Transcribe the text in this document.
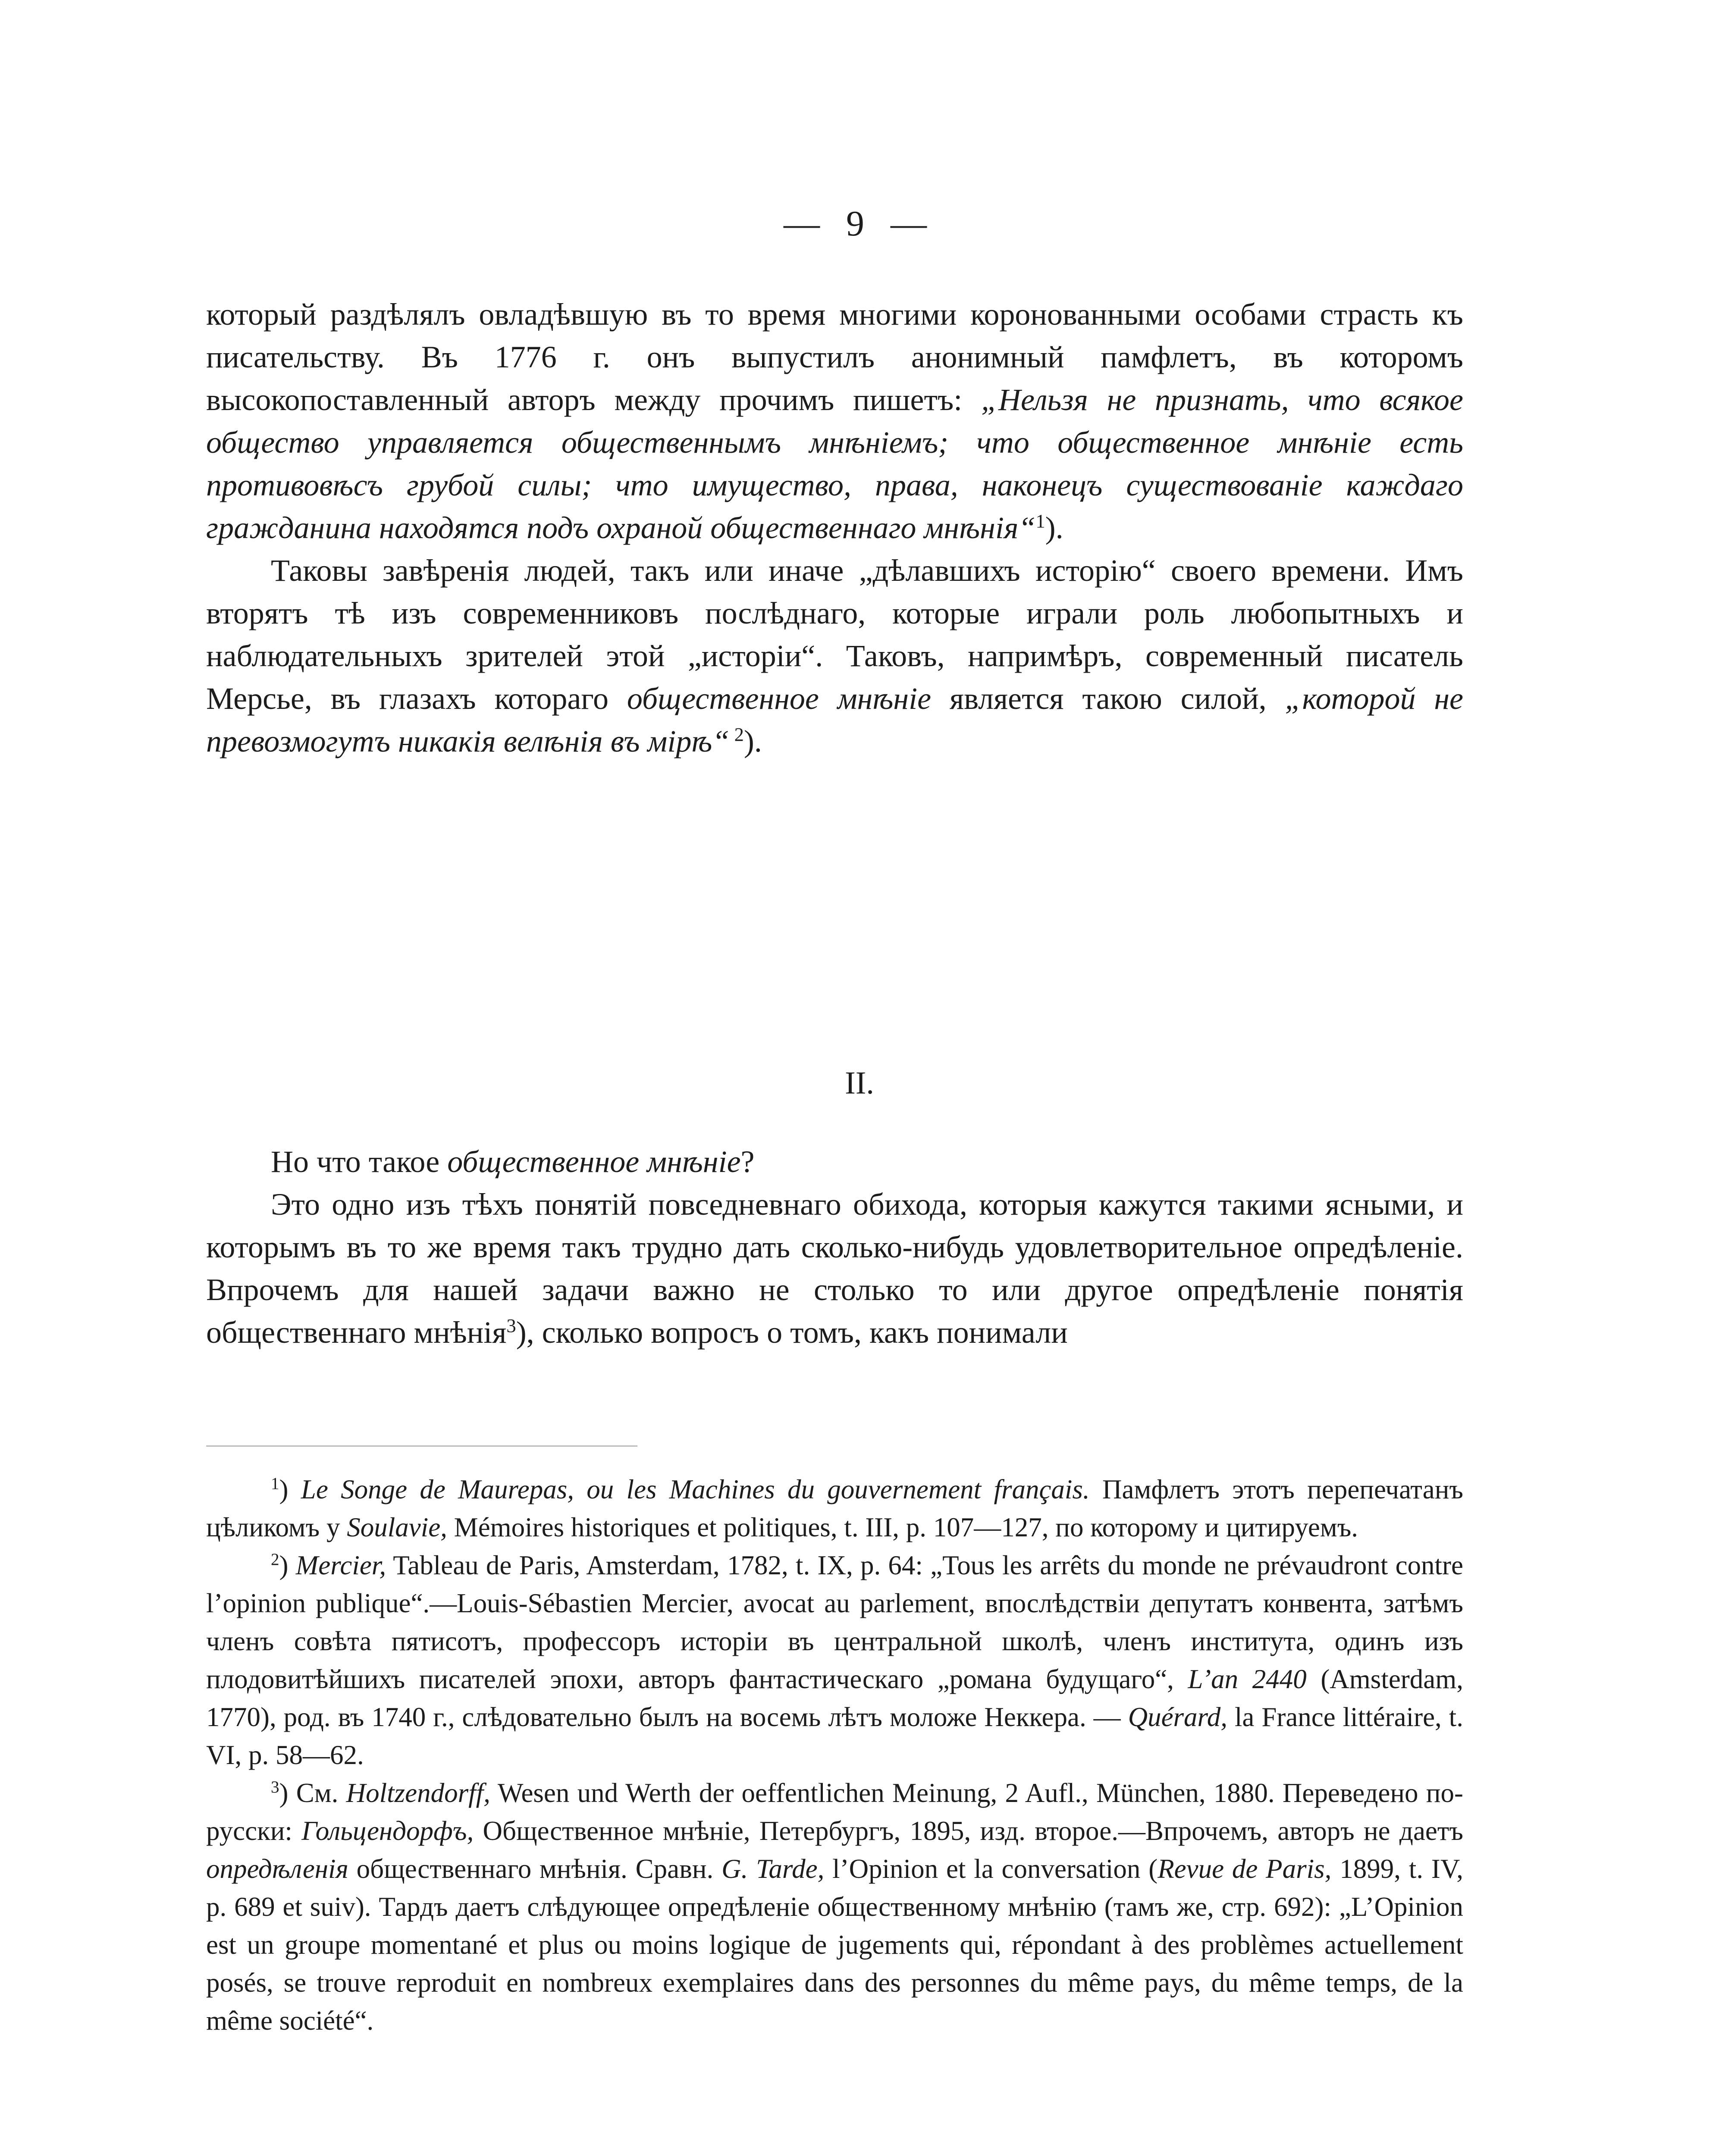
— 9 —

который раздѣлялъ овладѣвшую въ то время многими коронованными особами страсть къ писательству. Въ 1776 г. онъ выпустилъ анонимный памфлетъ, въ которомъ высокопоставленный авторъ между прочимъ пишетъ: „Нельзя не признать, что всякое общество управляется общественнымъ мнѣніемъ; что общественное мнѣніе есть противовѣсъ грубой силы; что имущество, права, наконецъ существованіе каждаго гражданина находятся подъ охраной общественнаго мнѣнія“$^1$).

Таковы завѣренія людей, такъ или иначе „дѣлавшихъ исторію“ своего времени. Имъ вторятъ тѣ изъ современниковъ послѣднаго, которые играли роль любопытныхъ и наблюдательныхъ зрителей этой „исторіи“. Таковъ, напримѣръ, современный писатель Мерсье, въ глазахъ котораго общественное мнѣніе является такою силой, „которой не превозмогутъ никакія велѣнія въ мірѣ“ $^2$).

II.

Но что такое общественное мнѣніе?

Это одно изъ тѣхъ понятій повседневнаго обихода, которыя кажутся такими ясными, и которымъ въ то же время такъ трудно дать сколько-нибудь удовлетворительное опредѣленіе. Впрочемъ для нашей задачи важно не столько то или другое опредѣленіе понятія общественнаго мнѣнія$^3$), сколько вопросъ о томъ, какъ понимали

$^1$) Le Songe de Maurepas, ou les Machines du gouvernement français. Памфлетъ этотъ перепечатанъ цѣликомъ у Soulavie, Mémoires historiques et politiques, t. III, p. 107—127, по которому и цитируемъ.

$^2$) Mercier, Tableau de Paris, Amsterdam, 1782, t. IX, p. 64: „Tous les arrêts du monde ne prévaudront contre l’opinion publique“.—Louis-Sébastien Mercier, avocat au parlement, впослѣдствіи депутатъ конвента, затѣмъ членъ совѣта пятисотъ, профессоръ исторіи въ центральной школѣ, членъ института, одинъ изъ плодовитѣйшихъ писателей эпохи, авторъ фантастическаго „романа будущаго“, L’an 2440 (Amsterdam, 1770), род. въ 1740 г., слѣдовательно былъ на восемь лѣтъ моложе Неккера. — Quérard, la France littéraire, t. VI, p. 58—62.

$^3$) См. Holtzendorff, Wesen und Werth der oeffentlichen Meinung, 2 Aufl., München, 1880. Переведено по-русски: Гольцендорфъ, Общественное мнѣніе, Петербургъ, 1895, изд. второе.—Впрочемъ, авторъ не даетъ опредѣленія общественнаго мнѣнія. Сравн. G. Tarde, l’Opinion et la conversation (Revue de Paris, 1899, t. IV, p. 689 et suiv). Тардъ даетъ слѣдующее опредѣленіе общественному мнѣнію (тамъ же, стр. 692): „L’Opinion est un groupe momentané et plus ou moins logique de jugements qui, répondant à des problèmes actuellement posés, se trouve reproduit en nombreux exemplaires dans des personnes du même pays, du même temps, de la même société“.
